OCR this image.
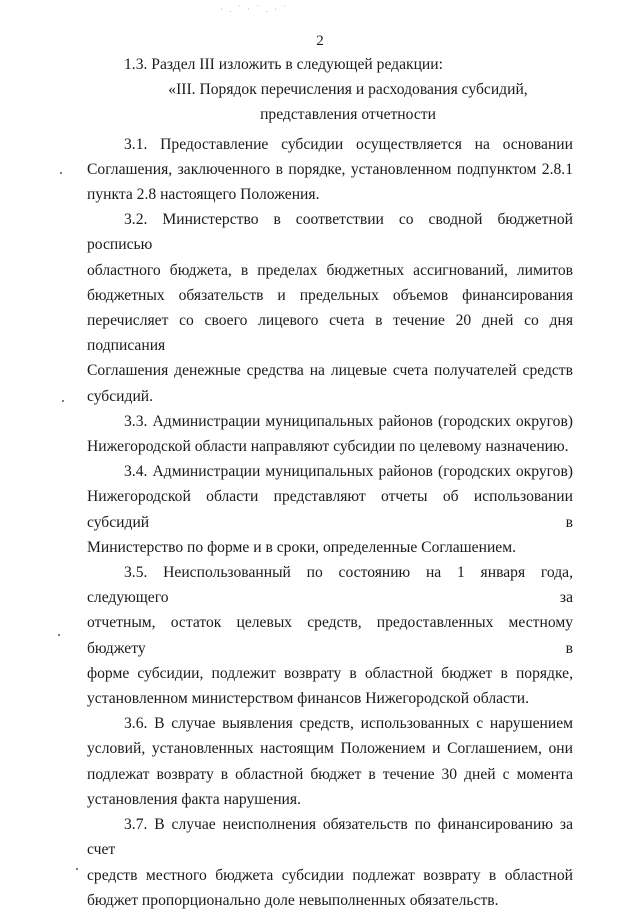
· . ˙ · ˙ . · ˙
2

1.3. Раздел III изложить в следующей редакции:

«III. Порядок перечисления и расходования субсидий,
представления отчетности

3.1. Предоставление субсидии осуществляется на основании
Соглашения, заключенного в порядке, установленном подпунктом 2.8.1
пункта 2.8 настоящего Положения.
3.2. Министерство в соответствии со сводной бюджетной росписью
областного бюджета, в пределах бюджетных ассигнований, лимитов
бюджетных обязательств и предельных объемов финансирования
перечисляет со своего лицевого счета в течение 20 дней со дня подписания
Соглашения денежные средства на лицевые счета получателей средств
субсидий.
3.3. Администрации муниципальных районов (городских округов)
Нижегородской области направляют субсидии по целевому назначению.
3.4. Администрации муниципальных районов (городских округов)
Нижегородской области представляют отчеты об использовании субсидий в
Министерство по форме и в сроки, определенные Соглашением.
3.5. Неиспользованный по состоянию на 1 января года, следующего за
отчетным, остаток целевых средств, предоставленных местному бюджету в
форме субсидии, подлежит возврату в областной бюджет в порядке,
установленном министерством финансов Нижегородской области.
3.6. В случае выявления средств, использованных с нарушением
условий, установленных настоящим Положением и Соглашением, они
подлежат возврату в областной бюджет в течение 30 дней с момента
установления факта нарушения.
3.7. В случае неисполнения обязательств по финансированию за счет
средств местного бюджета субсидии подлежат возврату в областной
бюджет пропорционально доле невыполненных обязательств.
